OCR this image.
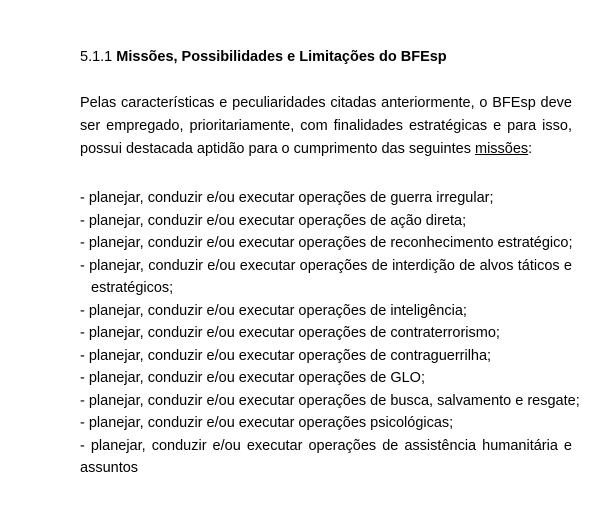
5.1.1 Missões, Possibilidades e Limitações do BFEsp

Pelas características e peculiaridades citadas anteriormente, o BFEsp deve ser empregado, prioritariamente, com finalidades estratégicas e para isso, possui destacada aptidão para o cumprimento das seguintes missões:

- planejar, conduzir e/ou executar operações de guerra irregular;
- planejar, conduzir e/ou executar operações de ação direta;
- planejar, conduzir e/ou executar operações de reconhecimento estratégico;
- planejar, conduzir e/ou executar operações de interdição de alvos táticos e
estratégicos;
- planejar, conduzir e/ou executar operações de inteligência;
- planejar, conduzir e/ou executar operações de contraterrorismo;
- planejar, conduzir e/ou executar operações de contraguerrilha;
- planejar, conduzir e/ou executar operações de GLO;
- planejar, conduzir e/ou executar operações de busca, salvamento e resgate;
- planejar, conduzir e/ou executar operações psicológicas;
- planejar, conduzir e/ou executar operações de assistência humanitária e assuntos
